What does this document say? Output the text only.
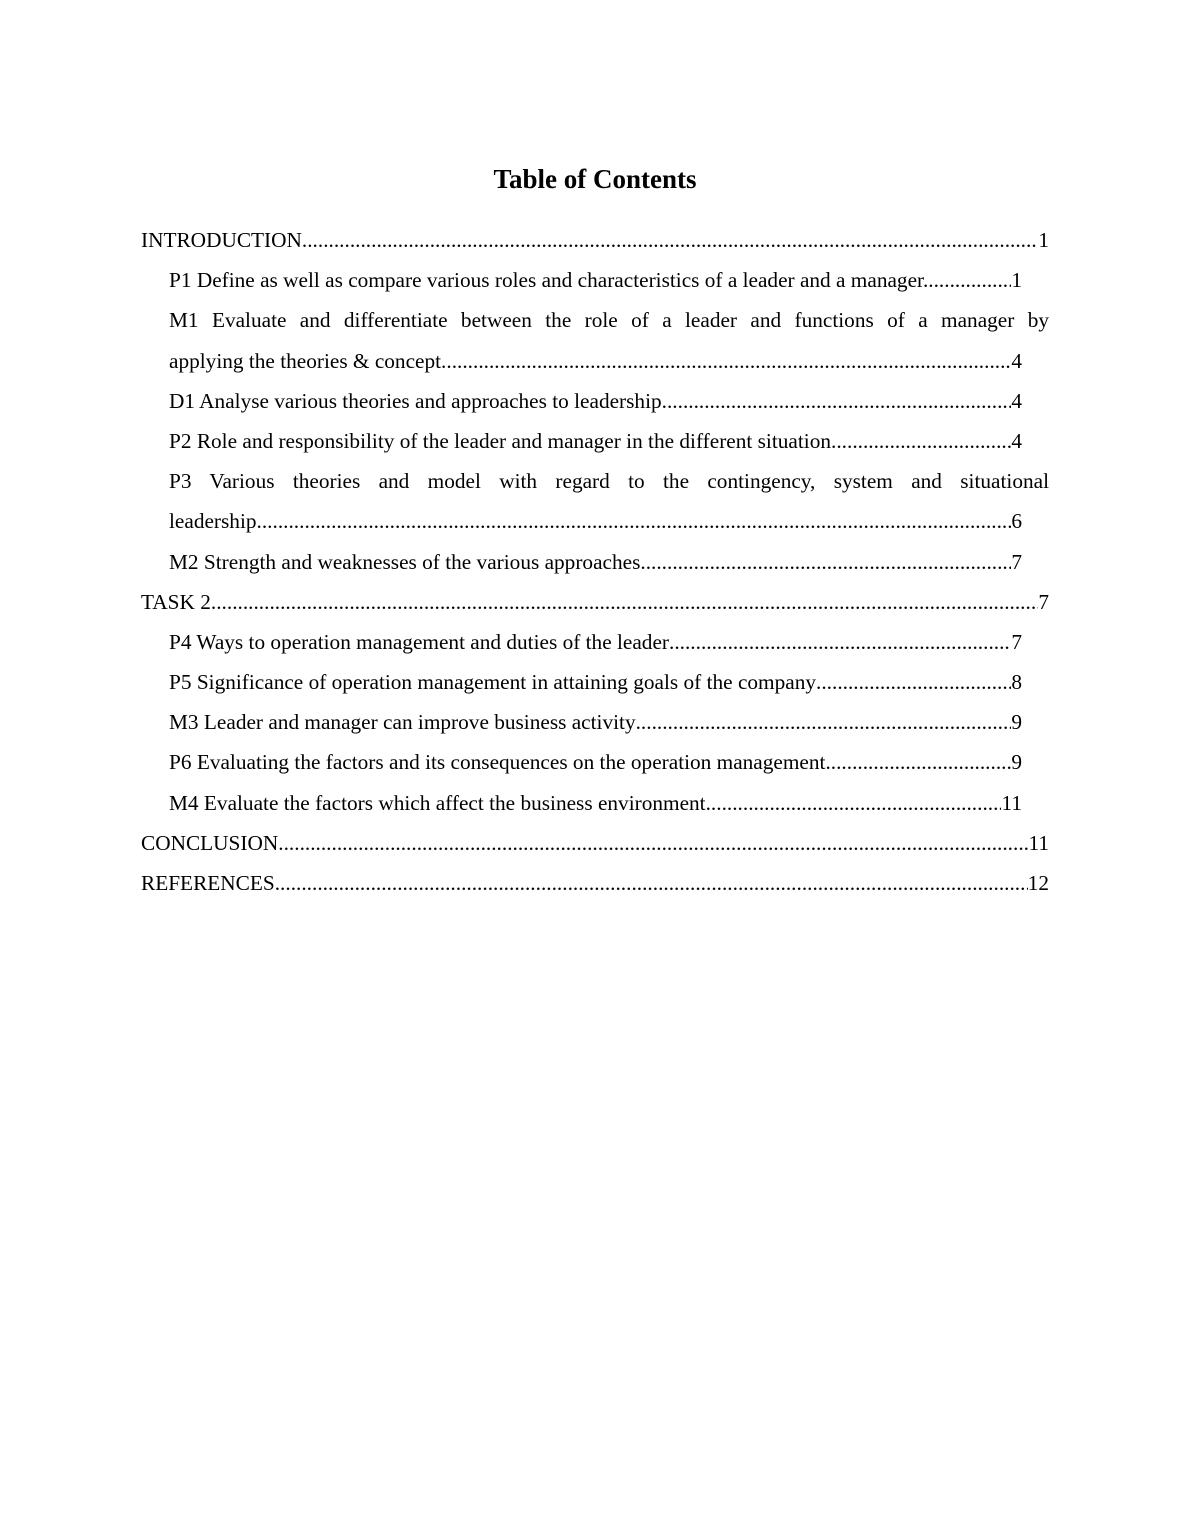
Table of Contents
INTRODUCTION .....	1
P1 Define as well as compare various roles and characteristics of a leader and a manager. .....	1
M1 Evaluate and differentiate between the role of a leader and functions of a manager by
applying the theories & concept .....	4
D1 Analyse various theories and approaches to leadership .....	4
P2 Role and responsibility of the leader and manager in the different situation .....	4
P3 Various theories and model with regard to the contingency, system and situational
leadership .....	6
M2 Strength and weaknesses of the various approaches .....	7
TASK 2 .....	7
P4 Ways to operation management and duties of the leader .....	7
P5 Significance of operation management in attaining goals of the company .....	8
M3 Leader and manager can improve business activity .....	9
P6 Evaluating the factors and its consequences on the operation management .....	9
M4 Evaluate the factors which affect the business environment .....	11
CONCLUSION .....	11
REFERENCES .....	12
